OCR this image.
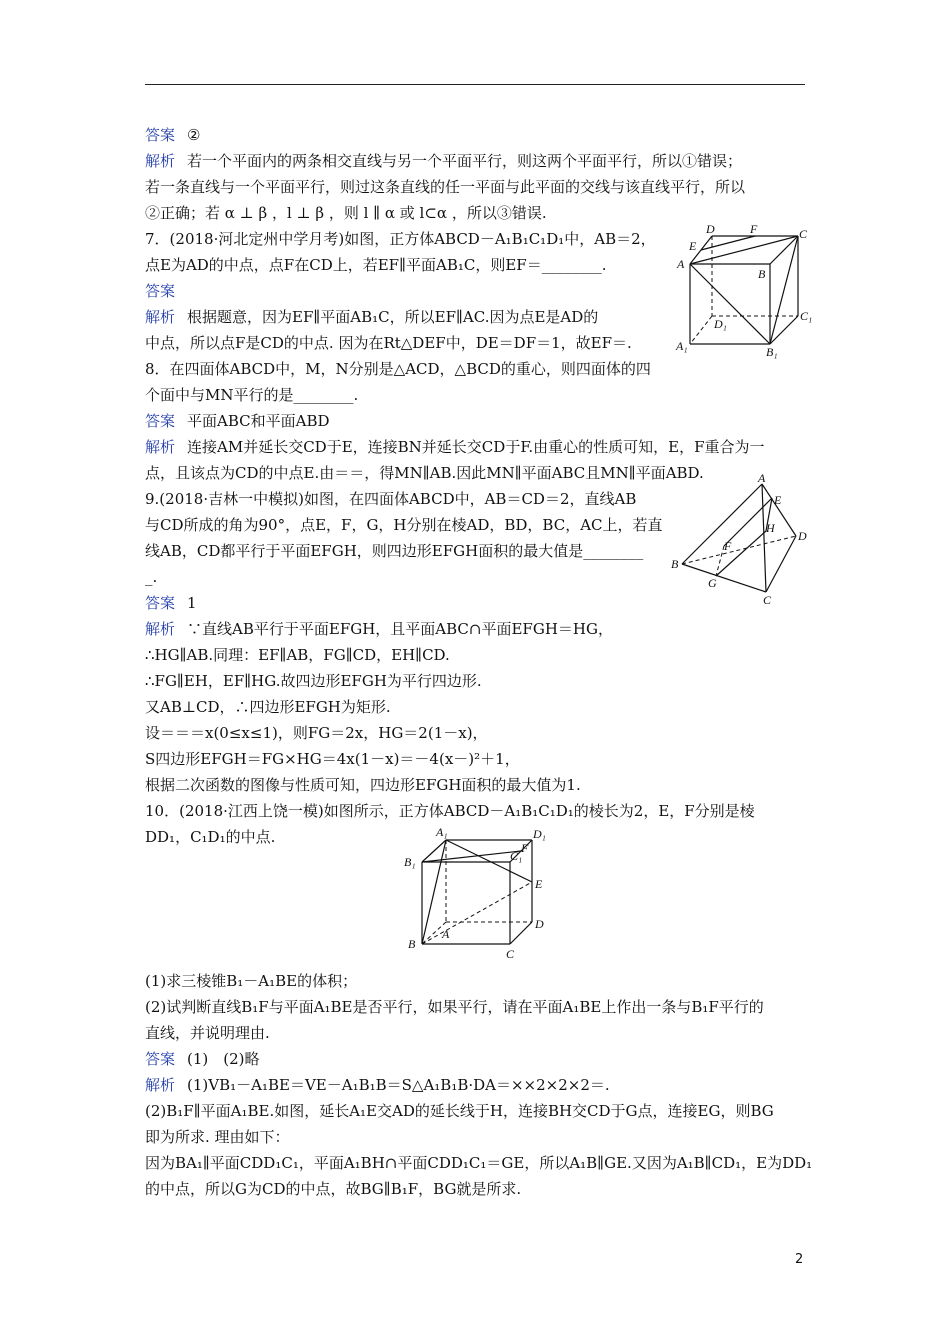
答案 ②
解析 若一个平面内的两条相交直线与另一个平面平行，则这两个平面平行，所以①错误；
若一条直线与一个平面平行，则过这条直线的任一平面与此平面的交线与该直线平行，所以
②正确；若 α ⊥ β ，l ⊥ β ，则 l ∥ α 或 l⊂α ，所以③错误.
7．(2018·河北定州中学月考)如图，正方体ABCD－A₁B₁C₁D₁中，AB＝2，
点E为AD的中点，点F在CD上，若EF∥平面AB₁C，则EF＝________.
答案
解析 根据题意，因为EF∥平面AB₁C，所以EF∥AC.因为点E是AD的
中点，所以点F是CD的中点. 因为在Rt△DEF中，DE＝DF＝1，故EF＝.
8．在四面体ABCD中，M，N分别是△ACD，△BCD的重心，则四面体的四
个面中与MN平行的是________.
答案 平面ABC和平面ABD
解析 连接AM并延长交CD于E，连接BN并延长交CD于F.由重心的性质可知，E，F重合为一
点，且该点为CD的中点E.由＝＝，得MN∥AB.因此MN∥平面ABC且MN∥平面ABD.
9.(2018·吉林一中模拟)如图，在四面体ABCD中，AB＝CD＝2，直线AB
与CD所成的角为90°，点E，F，G，H分别在棱AD，BD，BC，AC上，若直
线AB，CD都平行于平面EFGH，则四边形EFGH面积的最大值是________
_.
答案 1
解析 ∵直线AB平行于平面EFGH，且平面ABC∩平面EFGH＝HG，
∴HG∥AB.同理：EF∥AB，FG∥CD，EH∥CD.
∴FG∥EH，EF∥HG.故四边形EFGH为平行四边形.
又AB⊥CD，∴四边形EFGH为矩形.
设＝＝＝x(0≤x≤1)，则FG＝2x，HG＝2(1－x)，
S四边形EFGH＝FG×HG＝4x(1－x)＝－4(x－)²＋1，
根据二次函数的图像与性质可知，四边形EFGH面积的最大值为1.
10．(2018·江西上饶一模)如图所示，正方体ABCD－A₁B₁C₁D₁的棱长为2，E，F分别是棱
DD₁，C₁D₁的中点.
(1)求三棱锥B₁－A₁BE的体积；
(2)试判断直线B₁F与平面A₁BE是否平行，如果平行，请在平面A₁BE上作出一条与B₁F平行的
直线，并说明理由.
答案 (1)　(2)略
解析 (1)VB₁－A₁BE＝VE－A₁B₁B＝S△A₁B₁B·DA＝××2×2×2＝.
(2)B₁F∥平面A₁BE.如图，延长A₁E交AD的延长线于H，连接BH交CD于G点，连接EG，则BG
即为所求. 理由如下：
因为BA₁∥平面CDD₁C₁，平面A₁BH∩平面CDD₁C₁＝GE，所以A₁B∥GE.又因为A₁B∥CD₁，E为DD₁
的中点，所以G为CD的中点，故BG∥B₁F，BG就是所求.
D	F	C
E
A
B
D₁
C₁
A₁	B₁
A
E
H
D
F
B
G
C
A₁	D₁
B₁	C₁
F
E
D
A
B
C
2
